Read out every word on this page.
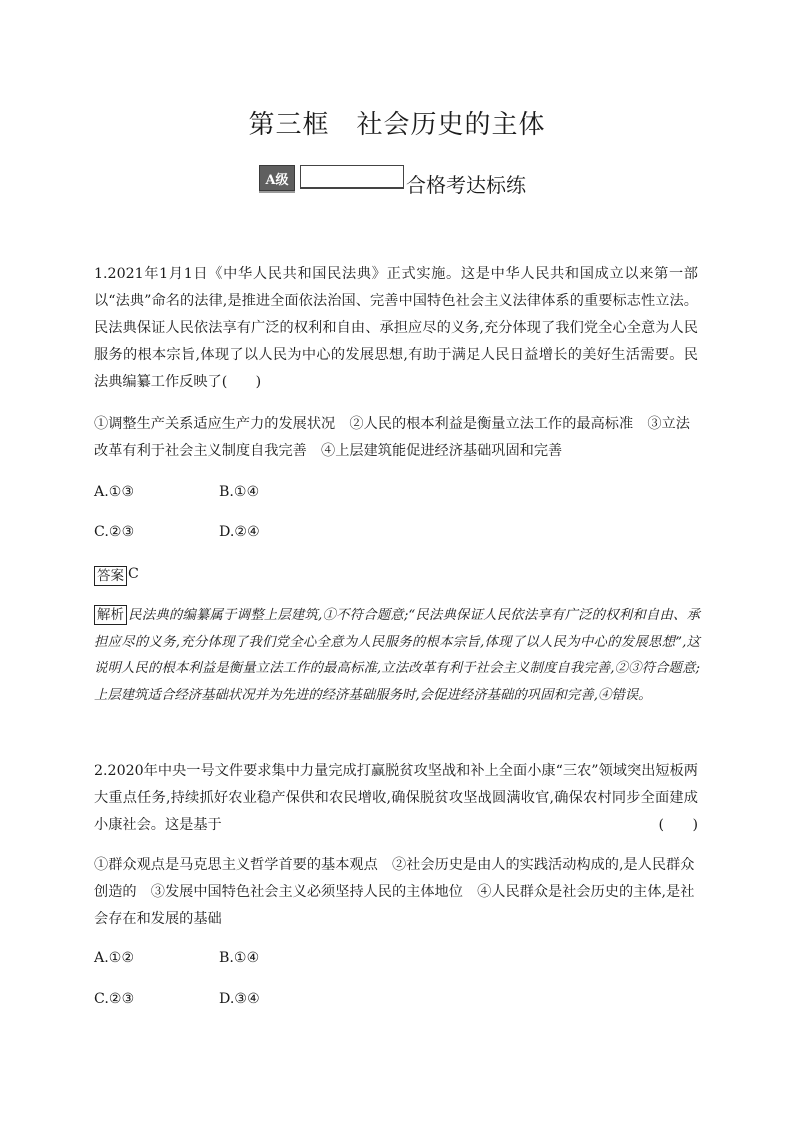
第三框　社会历史的主体
A级	合格考达标练
1.2021年1月1日《中华人民共和国民法典》正式实施。这是中华人民共和国成立以来第一部以“法典”命名的法律,是推进全面依法治国、完善中国特色社会主义法律体系的重要标志性立法。民法典保证人民依法享有广泛的权利和自由、承担应尽的义务,充分体现了我们党全心全意为人民服务的根本宗旨,体现了以人民为中心的发展思想,有助于满足人民日益增长的美好生活需要。民法典编纂工作反映了(　　)
①调整生产关系适应生产力的发展状况　②人民的根本利益是衡量立法工作的最高标准　③立法改革有利于社会主义制度自我完善　④上层建筑能促进经济基础巩固和完善
A.①③	B.①④
C.②③	D.②④
答案 C
解析 民法典的编纂属于调整上层建筑,①不符合题意;“民法典保证人民依法享有广泛的权利和自由、承担应尽的义务,充分体现了我们党全心全意为人民服务的根本宗旨,体现了以人民为中心的发展思想”,这说明人民的根本利益是衡量立法工作的最高标准,立法改革有利于社会主义制度自我完善,②③符合题意;上层建筑适合经济基础状况并为先进的经济基础服务时,会促进经济基础的巩固和完善,④错误。
2.2020年中央一号文件要求集中力量完成打赢脱贫攻坚战和补上全面小康“三农”领域突出短板两大重点任务,持续抓好农业稳产保供和农民增收,确保脱贫攻坚战圆满收官,确保农村同步全面建成小康社会。这是基于	(　　)
①群众观点是马克思主义哲学首要的基本观点　②社会历史是由人的实践活动构成的,是人民群众创造的　③发展中国特色社会主义必须坚持人民的主体地位　④人民群众是社会历史的主体,是社会存在和发展的基础
A.①②	B.①④
C.②③	D.③④
